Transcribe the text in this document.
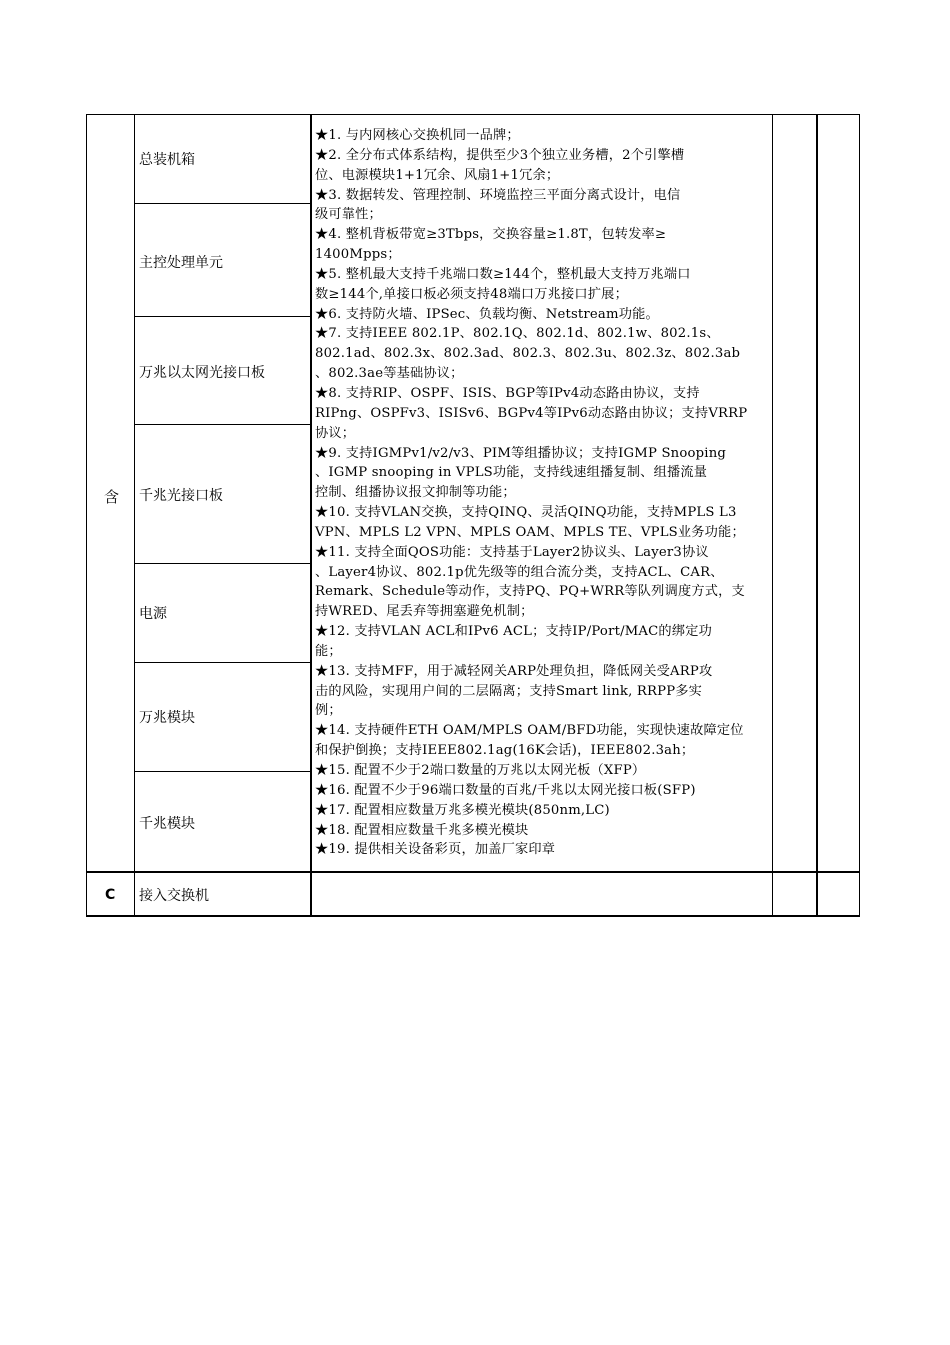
含
总装机箱
主控处理单元
万兆以太网光接口板
千兆光接口板
电源
万兆模块
千兆模块
C 接入交换机
★1. 与内网核心交换机同一品牌；
★2. 全分布式体系结构，提供至少3个独立业务槽，2个引擎槽
位、电源模块1+1冗余、风扇1+1冗余；
★3. 数据转发、管理控制、环境监控三平面分离式设计，电信
级可靠性；
★4. 整机背板带宽≥3Tbps，交换容量≥1.8T，包转发率≥
1400Mpps；
★5. 整机最大支持千兆端口数≥144个，整机最大支持万兆端口
数≥144个,单接口板必须支持48端口万兆接口扩展；
★6. 支持防火墙、IPSec、负载均衡、Netstream功能。
★7. 支持IEEE 802.1P、802.1Q、802.1d、802.1w、802.1s、
802.1ad、802.3x、802.3ad、802.3、802.3u、802.3z、802.3ab
、802.3ae等基础协议；
★8. 支持RIP、OSPF、ISIS、BGP等IPv4动态路由协议，支持
RIPng、OSPFv3、ISISv6、BGPv4等IPv6动态路由协议；支持VRRP
协议；
★9. 支持IGMPv1/v2/v3、PIM等组播协议；支持IGMP Snooping
、IGMP snooping in VPLS功能，支持线速组播复制、组播流量
控制、组播协议报文抑制等功能；
★10. 支持VLAN交换，支持QINQ、灵活QINQ功能，支持MPLS L3
VPN、MPLS L2 VPN、MPLS OAM、MPLS TE、VPLS业务功能；
★11. 支持全面QOS功能：支持基于Layer2协议头、Layer3协议
、Layer4协议、802.1p优先级等的组合流分类，支持ACL、CAR、
Remark、Schedule等动作，支持PQ、PQ+WRR等队列调度方式，支
持WRED、尾丢弃等拥塞避免机制；
★12. 支持VLAN ACL和IPv6 ACL；支持IP/Port/MAC的绑定功
能；
★13. 支持MFF，用于减轻网关ARP处理负担，降低网关受ARP攻
击的风险，实现用户间的二层隔离；支持Smart link, RRPP多实
例；
★14. 支持硬件ETH OAM/MPLS OAM/BFD功能，实现快速故障定位
和保护倒换；支持IEEE802.1ag(16K会话)，IEEE802.3ah；
★15. 配置不少于2端口数量的万兆以太网光板（XFP）
★16. 配置不少于96端口数量的百兆/千兆以太网光接口板(SFP)
★17. 配置相应数量万兆多模光模块(850nm,LC)
★18. 配置相应数量千兆多模光模块
★19. 提供相关设备彩页，加盖厂家印章
